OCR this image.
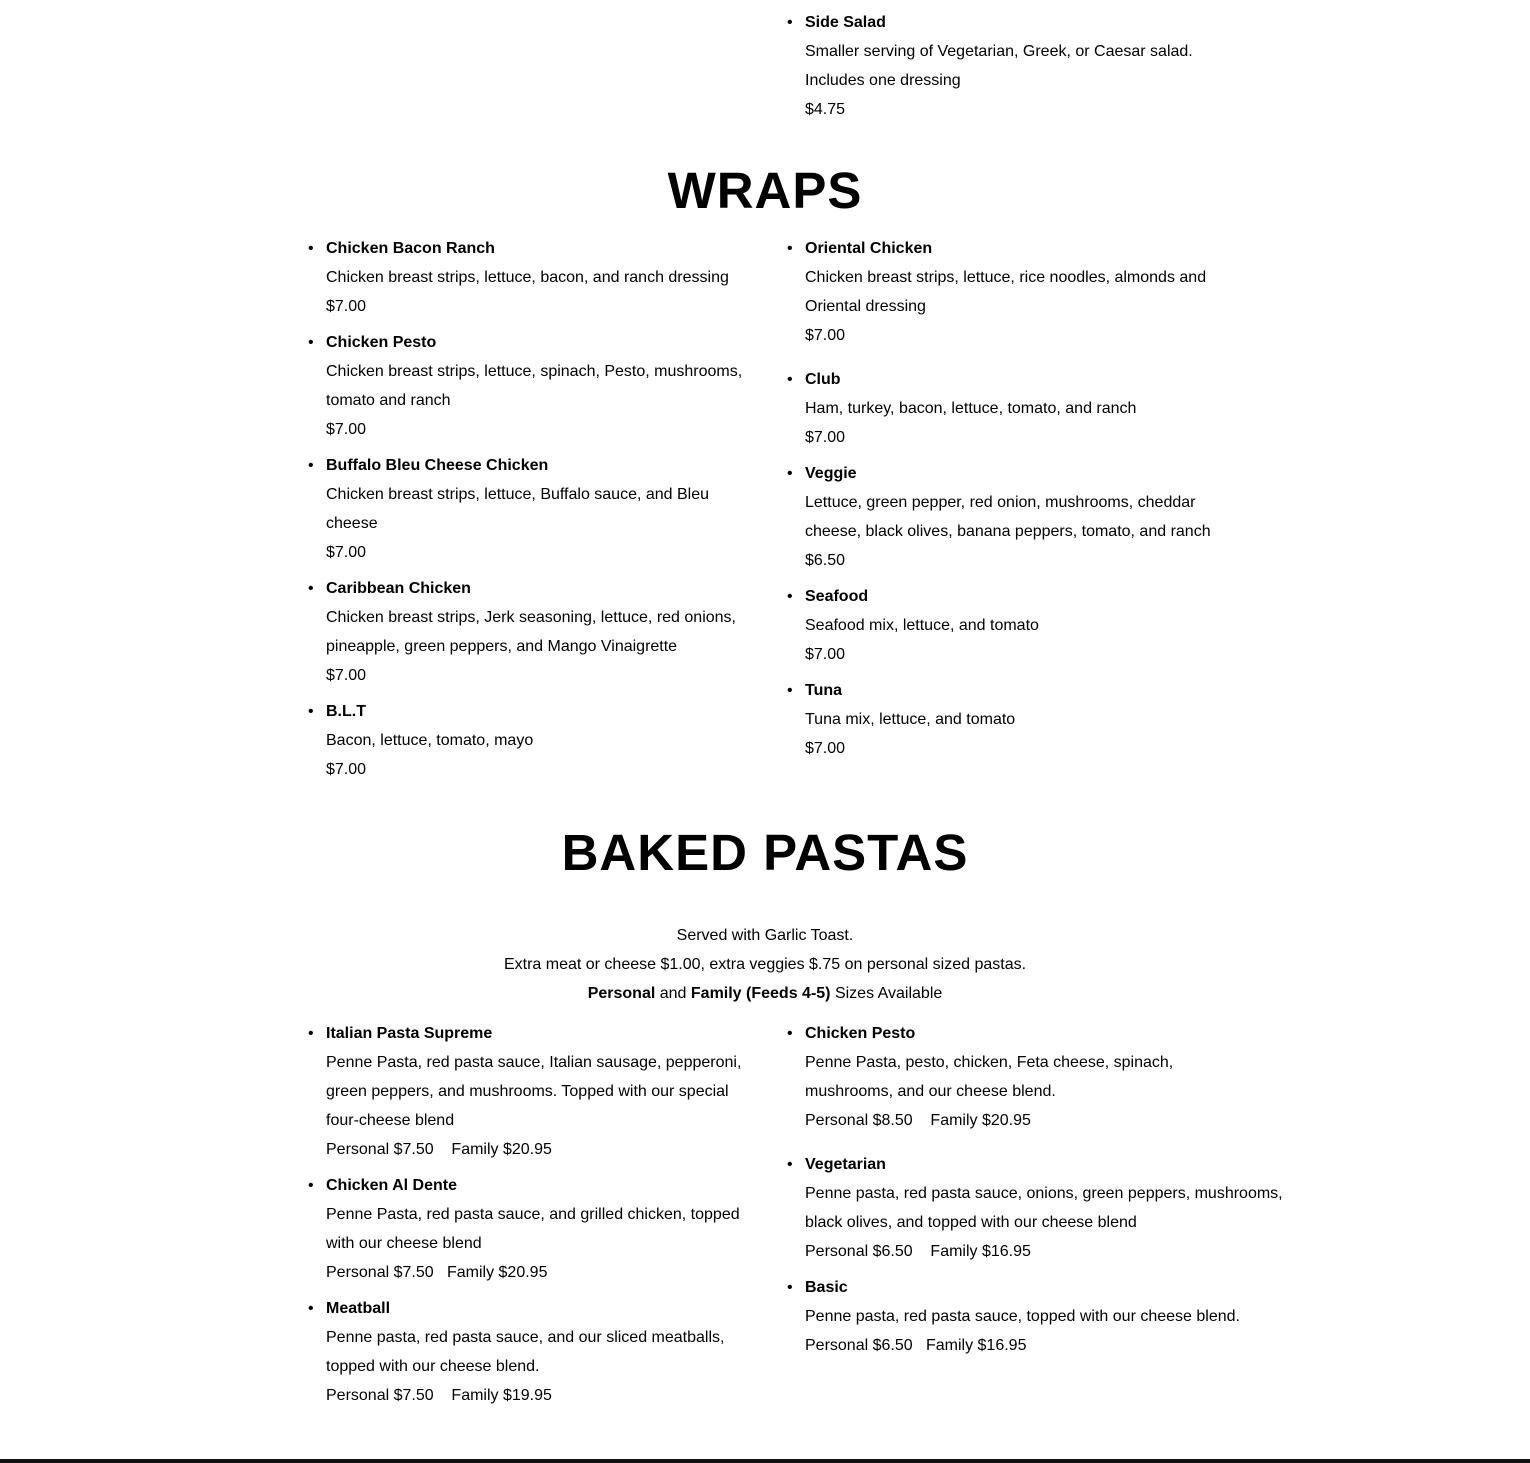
• Side Salad
Smaller serving of Vegetarian, Greek, or Caesar salad. Includes one dressing
$4.75
WRAPS
• Chicken Bacon Ranch
Chicken breast strips, lettuce, bacon, and ranch dressing
$7.00
• Chicken Pesto
Chicken breast strips, lettuce, spinach, Pesto, mushrooms, tomato and ranch
$7.00
• Buffalo Bleu Cheese Chicken
Chicken breast strips, lettuce, Buffalo sauce, and Bleu cheese
$7.00
• Caribbean Chicken
Chicken breast strips, Jerk seasoning, lettuce, red onions, pineapple, green peppers, and Mango Vinaigrette
$7.00
• B.L.T
Bacon, lettuce, tomato, mayo
$7.00
• Oriental Chicken
Chicken breast strips, lettuce, rice noodles, almonds and Oriental dressing
$7.00
• Club
Ham, turkey, bacon, lettuce, tomato, and ranch
$7.00
• Veggie
Lettuce, green pepper, red onion, mushrooms, cheddar cheese, black olives, banana peppers, tomato, and ranch
$6.50
• Seafood
Seafood mix, lettuce, and tomato
$7.00
• Tuna
Tuna mix, lettuce, and tomato
$7.00
BAKED PASTAS
Served with Garlic Toast.
Extra meat or cheese $1.00, extra veggies $.75 on personal sized pastas.
Personal and Family (Feeds 4-5) Sizes Available
• Italian Pasta Supreme
Penne Pasta, red pasta sauce, Italian sausage, pepperoni, green peppers, and mushrooms. Topped with our special four-cheese blend
Personal $7.50    Family $20.95
• Chicken Al Dente
Penne Pasta, red pasta sauce, and grilled chicken, topped with our cheese blend
Personal $7.50   Family $20.95
• Meatball
Penne pasta, red pasta sauce, and our sliced meatballs, topped with our cheese blend.
Personal $7.50    Family $19.95
• Chicken Pesto
Penne Pasta, pesto, chicken, Feta cheese, spinach, mushrooms, and our cheese blend.
Personal $8.50    Family $20.95
• Vegetarian
Penne pasta, red pasta sauce, onions, green peppers, mushrooms, black olives, and topped with our cheese blend
Personal $6.50    Family $16.95
• Basic
Penne pasta, red pasta sauce, topped with our cheese blend.
Personal $6.50   Family $16.95
